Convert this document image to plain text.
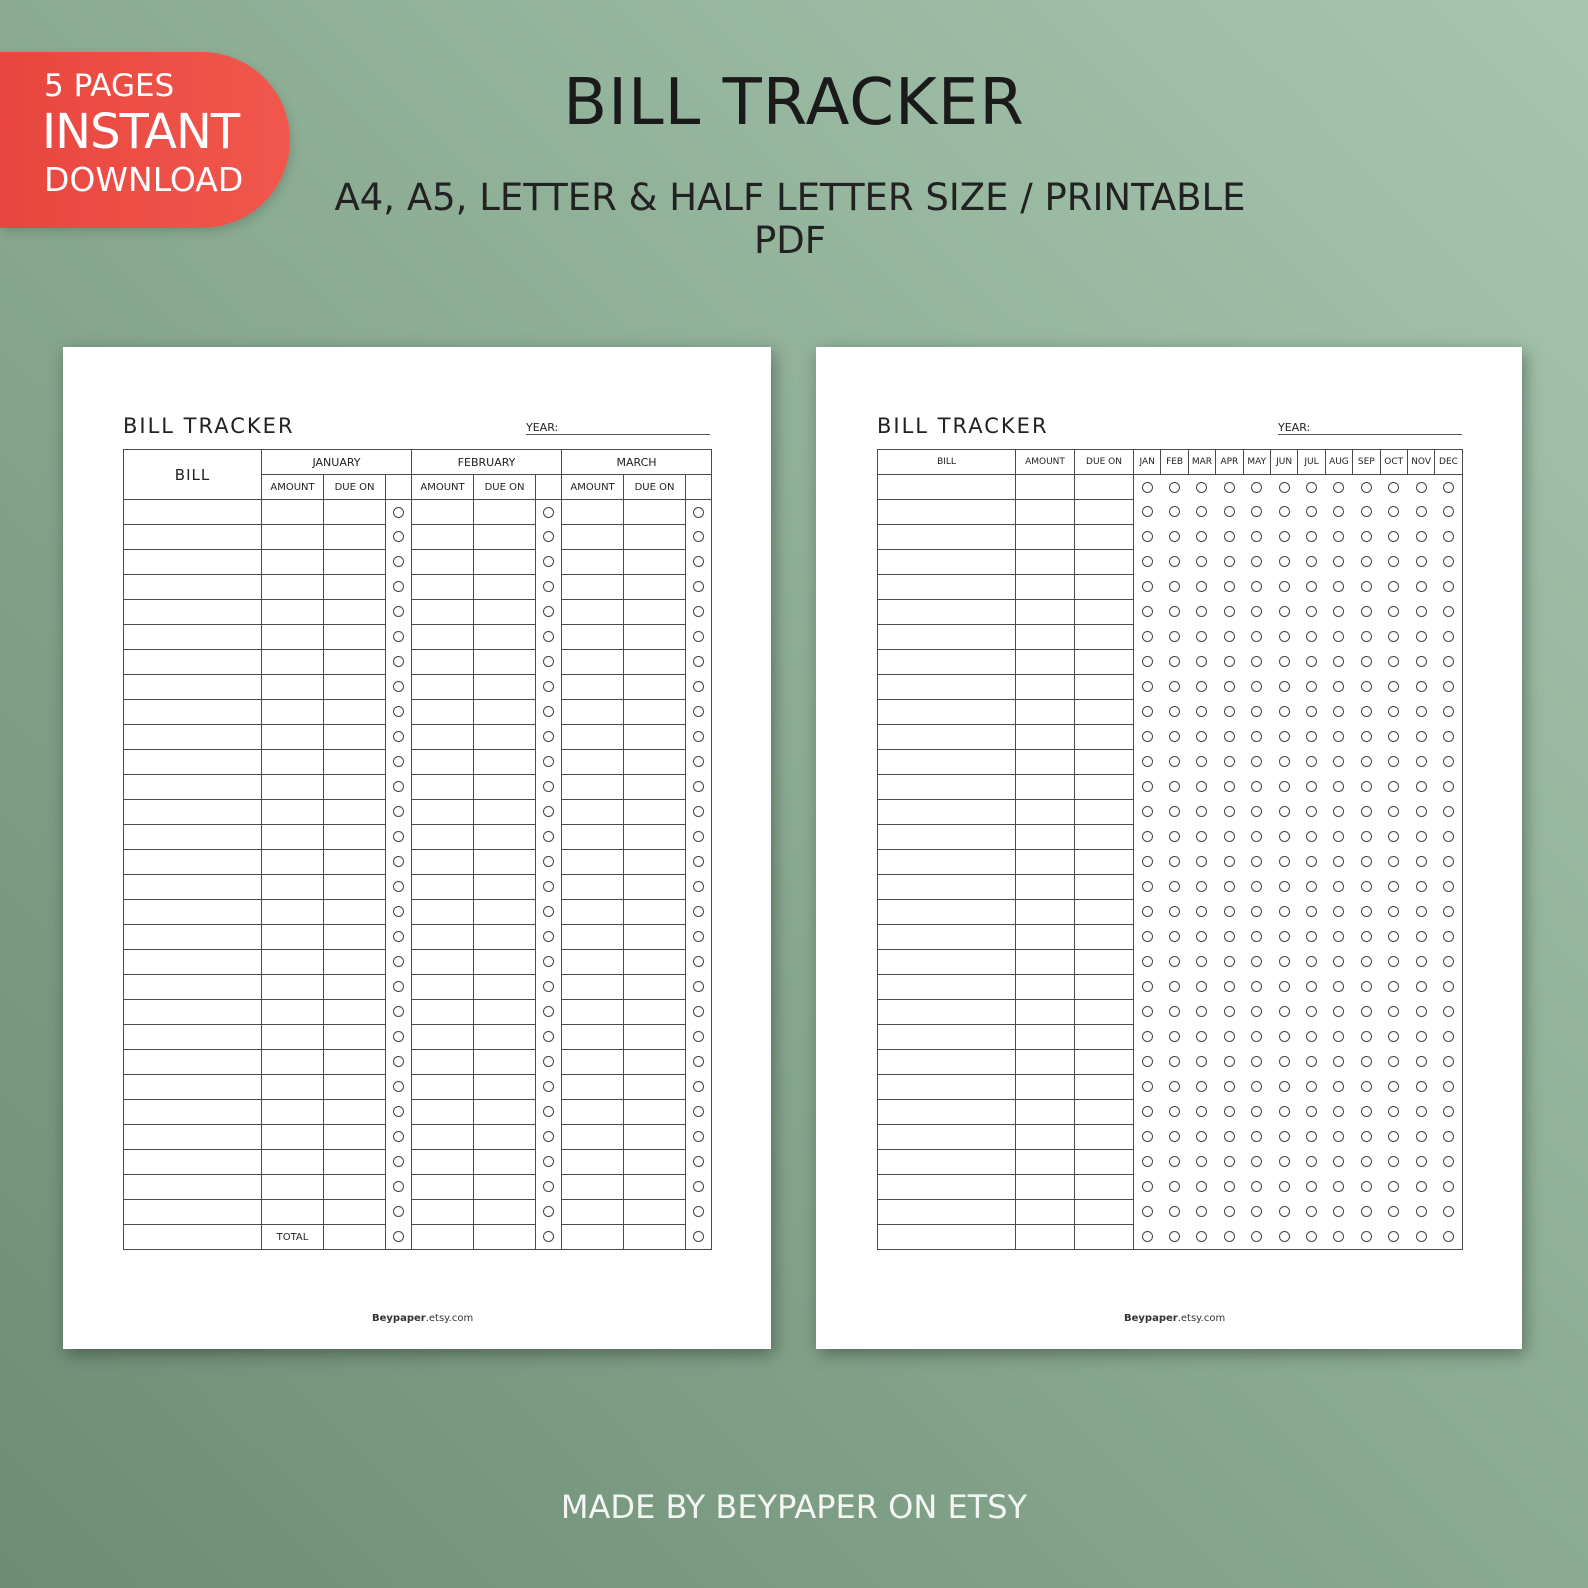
5 PAGES
INSTANT
DOWNLOAD
BILL TRACKER
A4, A5, LETTER & HALF LETTER SIZE / PRINTABLE PDF
BILL TRACKER	YEAR:
BILL	JANUARY			FEBRUARY			MARCH		
	AMOUNT	DUE ON		AMOUNT	DUE ON		AMOUNT	DUE ON	

	TOTAL								
Beypaper.etsy.com
BILL TRACKER	YEAR:
BILL	AMOUNT	DUE ON	JAN	FEB	MAR	APR	MAY	JUN	JUL	AUG	SEP	OCT	NOV	DEC

Beypaper.etsy.com
MADE BY BEYPAPER ON ETSY
